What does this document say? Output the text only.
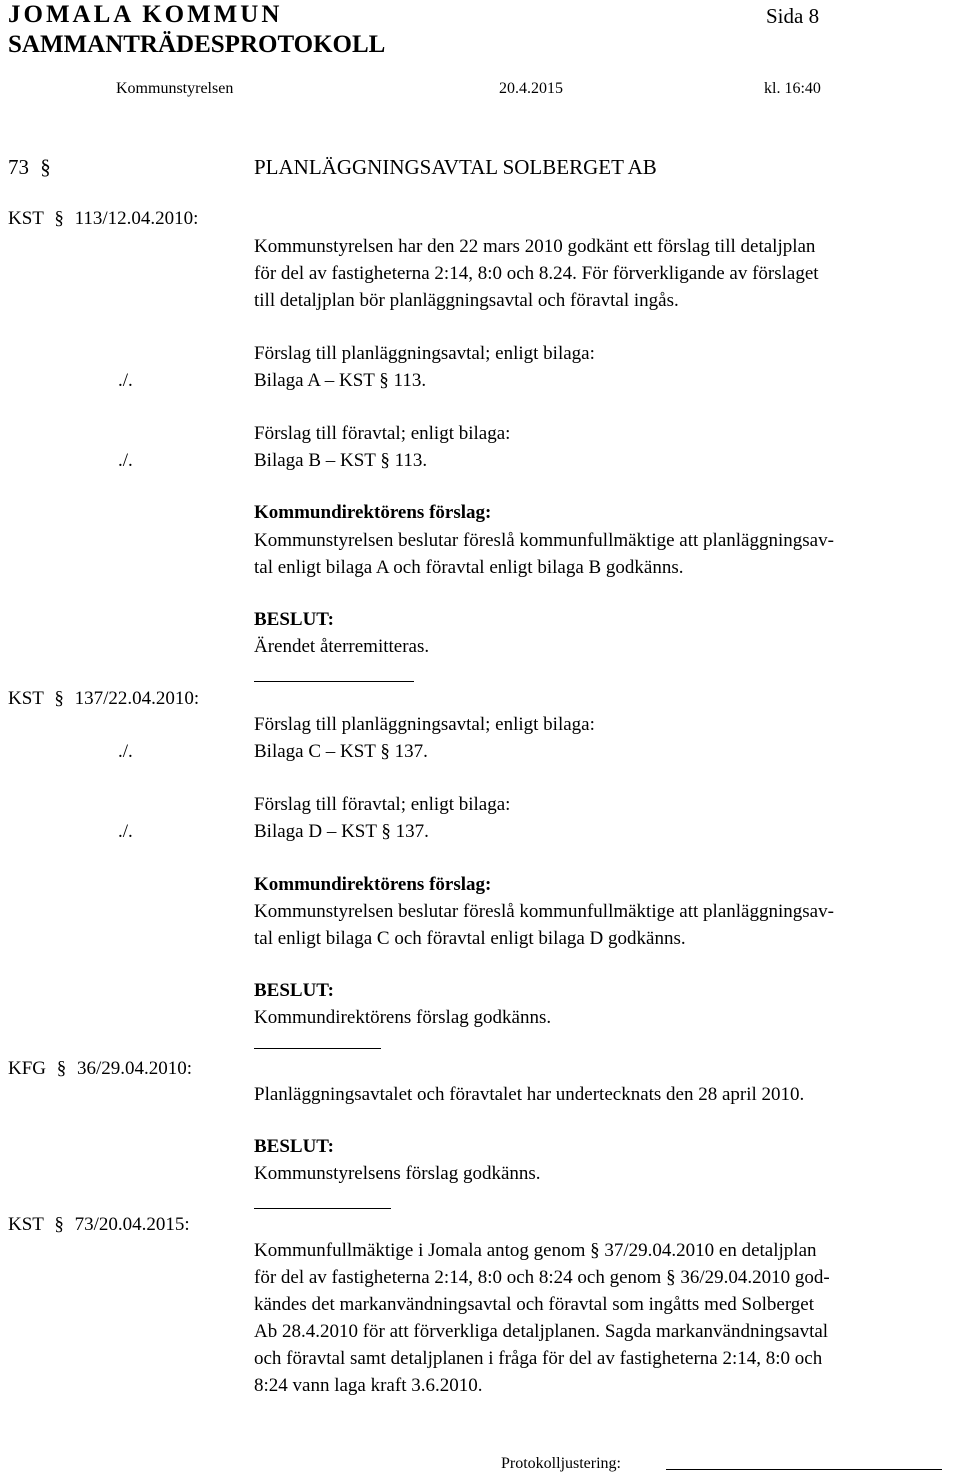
JOMALA KOMMUN	Sida 8
SAMMANTRÄDESPROTOKOLL
Kommunstyrelsen	20.4.2015	kl. 16:40
73 §	PLANLÄGGNINGSAVTAL SOLBERGET AB
KST § 113/12.04.2010:
Kommunstyrelsen har den 22 mars 2010 godkänt ett förslag till detaljplan
för del av fastigheterna 2:14, 8:0 och 8.24. För förverkligande av förslaget
till detaljplan bör planläggningsavtal och föravtal ingås.
Förslag till planläggningsavtal; enligt bilaga:
./.	Bilaga A – KST § 113.
Förslag till föravtal; enligt bilaga:
./.	Bilaga B – KST § 113.
Kommundirektörens förslag:
Kommunstyrelsen beslutar föreslå kommunfullmäktige att planläggningsav-
tal enligt bilaga A och föravtal enligt bilaga B godkänns.
BESLUT:
Ärendet återremitteras.
KST § 137/22.04.2010:
Förslag till planläggningsavtal; enligt bilaga:
./.	Bilaga C – KST § 137.
Förslag till föravtal; enligt bilaga:
./.	Bilaga D – KST § 137.
Kommundirektörens förslag:
Kommunstyrelsen beslutar föreslå kommunfullmäktige att planläggningsav-
tal enligt bilaga C och föravtal enligt bilaga D godkänns.
BESLUT:
Kommundirektörens förslag godkänns.
KFG § 36/29.04.2010:
Planläggningsavtalet och föravtalet har undertecknats den 28 april 2010.
BESLUT:
Kommunstyrelsens förslag godkänns.
KST § 73/20.04.2015:
Kommunfullmäktige i Jomala antog genom § 37/29.04.2010 en detaljplan
för del av fastigheterna 2:14, 8:0 och 8:24 och genom § 36/29.04.2010 god-
kändes det markanvändningsavtal och föravtal som ingåtts med Solberget
Ab 28.4.2010 för att förverkliga detaljplanen. Sagda markanvändningsavtal
och föravtal samt detaljplanen i fråga för del av fastigheterna 2:14, 8:0 och
8:24 vann laga kraft 3.6.2010.
Protokolljustering:
